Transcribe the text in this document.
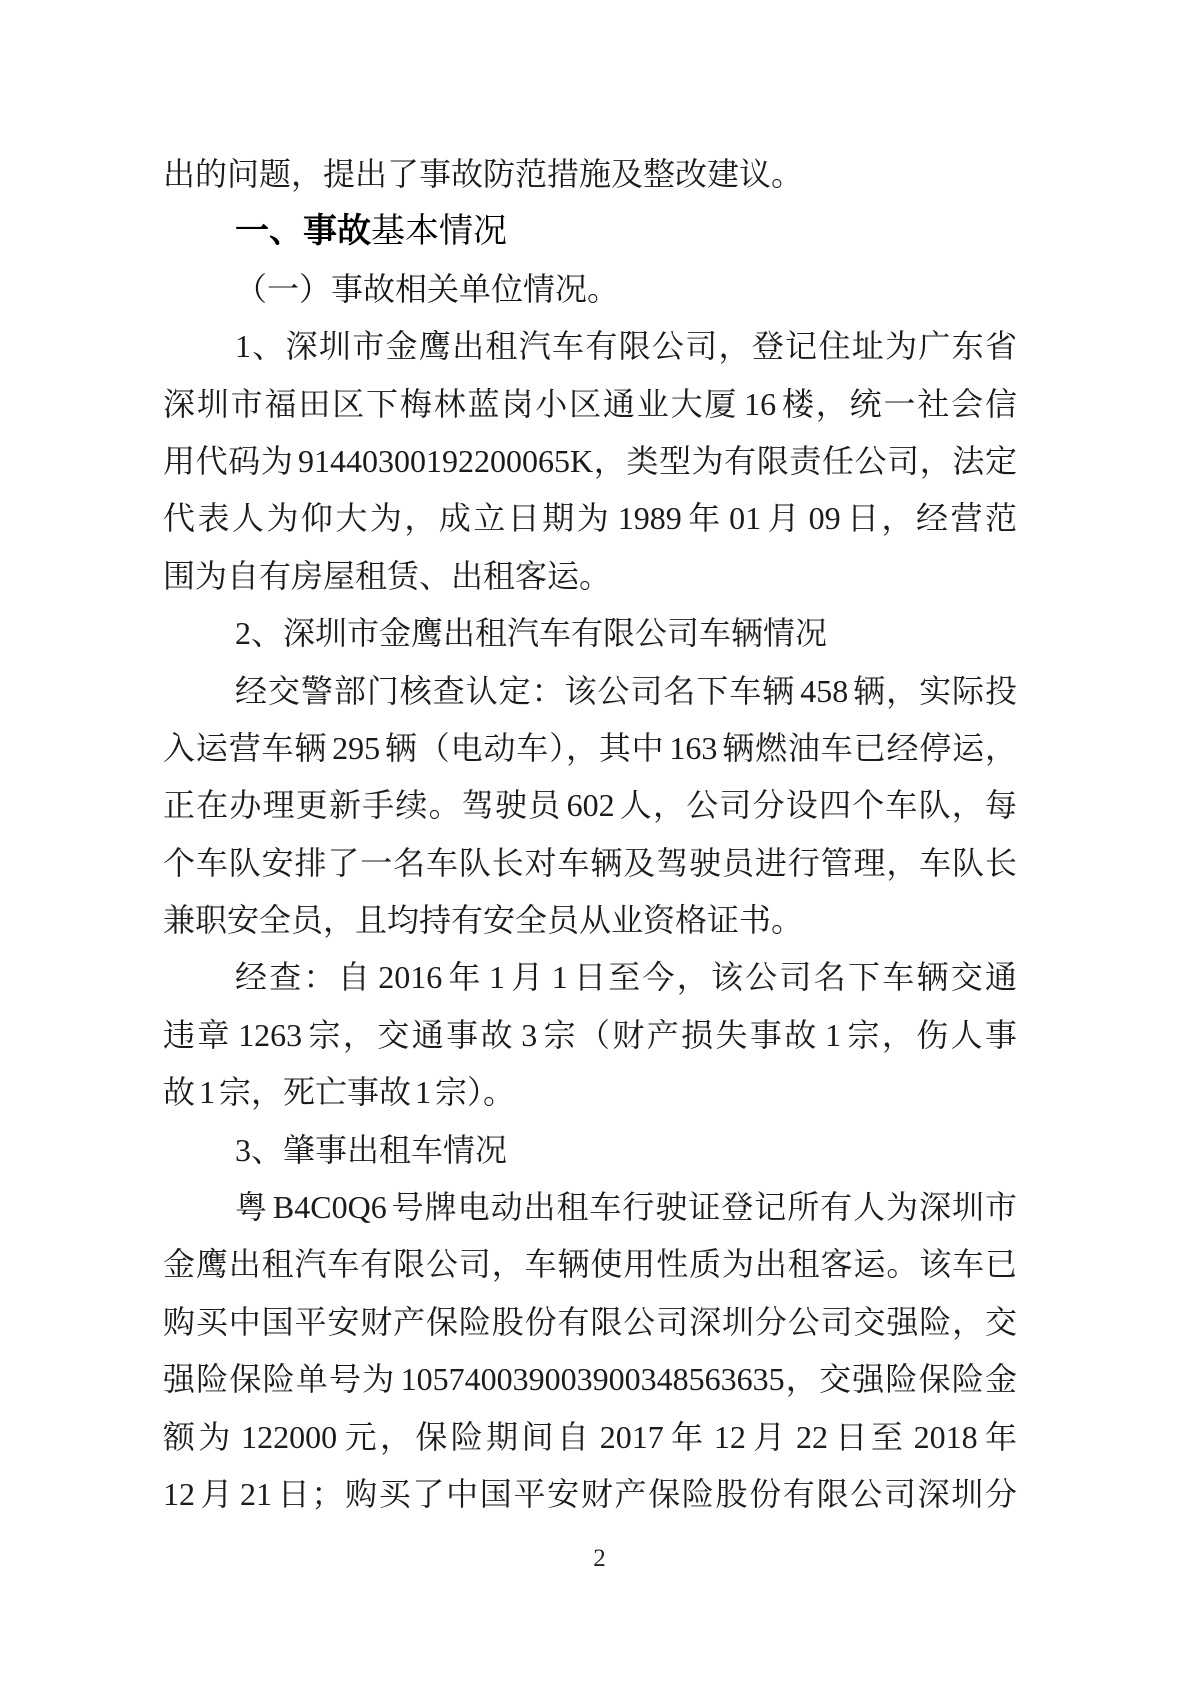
出的问题，提出了事故防范措施及整改建议。
一、事故基本情况
（一）事故相关单位情况。
1、深圳市金鹰出租汽车有限公司，登记住址为广东省
深圳市福田区下梅林蓝岗小区通业大厦 16 楼，统一社会信
用代码为 91440300192200065K，类型为有限责任公司，法定
代表人为仰大为，成立日期为 1989 年 01 月 09 日，经营范
围为自有房屋租赁、出租客运。
2、深圳市金鹰出租汽车有限公司车辆情况
经交警部门核查认定：该公司名下车辆 458 辆，实际投
入运营车辆 295 辆（电动车），其中 163 辆燃油车已经停运，
正在办理更新手续。驾驶员 602 人，公司分设四个车队，每
个车队安排了一名车队长对车辆及驾驶员进行管理，车队长
兼职安全员，且均持有安全员从业资格证书。
经查：自 2016 年 1 月 1 日至今，该公司名下车辆交通
违章 1263 宗，交通事故 3 宗（财产损失事故 1 宗，伤人事
故 1 宗，死亡事故 1 宗）。
3、肇事出租车情况
粤 B4C0Q6 号牌电动出租车行驶证登记所有人为深圳市
金鹰出租汽车有限公司，车辆使用性质为出租客运。该车已
购买中国平安财产保险股份有限公司深圳分公司交强险，交
强险保险单号为 105740039003900348563635，交强险保险金
额为 122000 元，保险期间自 2017 年 12 月 22 日至 2018 年
12 月 21 日；购买了中国平安财产保险股份有限公司深圳分
2
